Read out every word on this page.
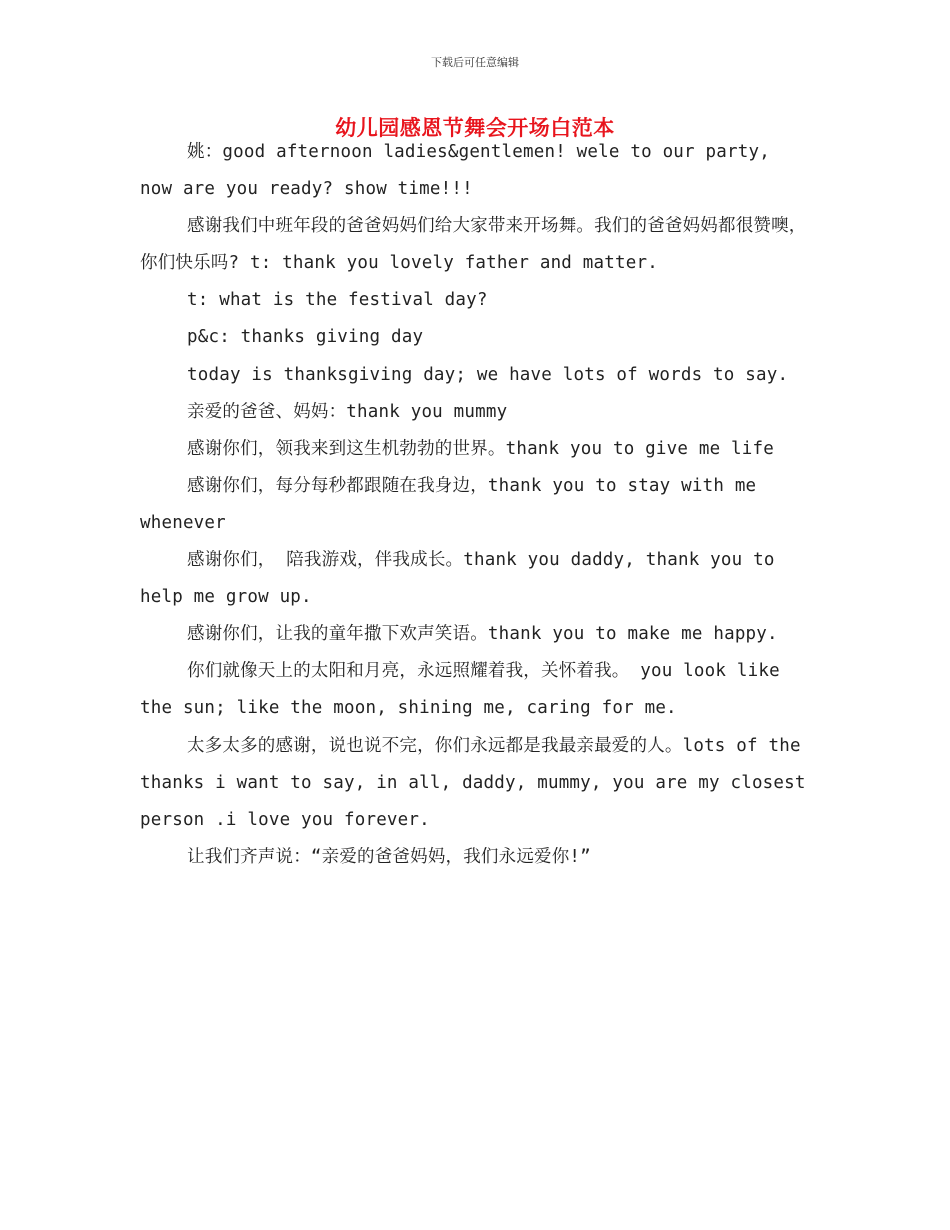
下载后可任意编辑
幼儿园感恩节舞会开场白范本

姚：good afternoon ladies&gentlemen! wele to our party, now are you ready? show time!!!

感谢我们中班年段的爸爸妈妈们给大家带来开场舞。我们的爸爸妈妈都很赞噢，你们快乐吗? t: thank you lovely father and matter.

t: what is the festival day?

p&c: thanks giving day

today is thanksgiving day; we have lots of words to say.

亲爱的爸爸、妈妈：thank you mummy

感谢你们，领我来到这生机勃勃的世界。thank you to give me life

感谢你们，每分每秒都跟随在我身边，thank you to stay with me whenever

感谢你们， 陪我游戏，伴我成长。thank you daddy, thank you to help me grow up.

感谢你们，让我的童年撒下欢声笑语。thank you to make me happy.

你们就像天上的太阳和月亮，永远照耀着我，关怀着我。 you look like the sun; like the moon, shining me, caring for me.

太多太多的感谢，说也说不完，你们永远都是我最亲最爱的人。lots of the thanks i want to say, in all, daddy, mummy, you are my closest person .i love you forever.

让我们齐声说：“亲爱的爸爸妈妈，我们永远爱你!”
